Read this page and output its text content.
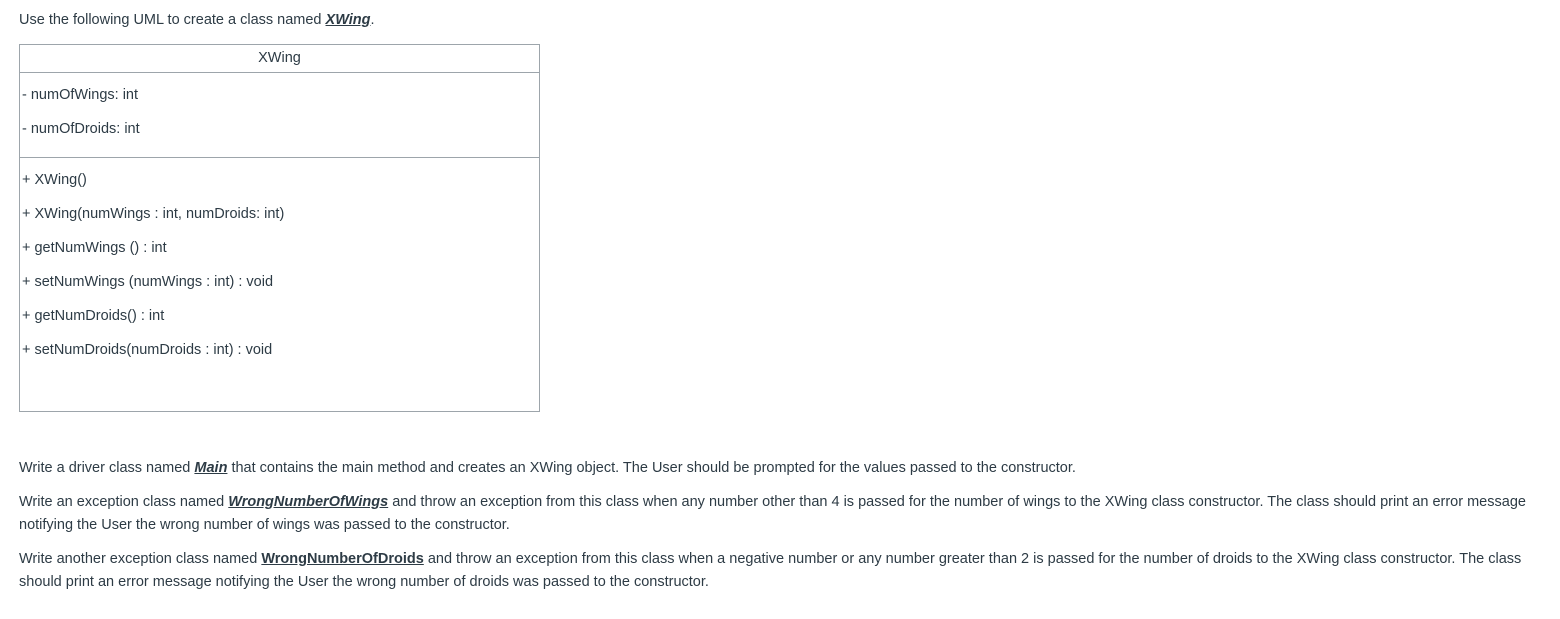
Use the following UML to create a class named XWing.

XWing
- numOfWings: int
- numOfDroids: int
+ XWing()
+ XWing(numWings : int, numDroids: int)
+ getNumWings () : int
+ setNumWings (numWings : int) : void
+ getNumDroids() : int
+ setNumDroids(numDroids : int) : void

Write a driver class named Main that contains the main method and creates an XWing object. The User should be prompted for the values passed to the constructor.

Write an exception class named WrongNumberOfWings and throw an exception from this class when any number other than 4 is passed for the number of wings to the XWing class constructor. The class should print an error message notifying the User the wrong number of wings was passed to the constructor.

Write another exception class named WrongNumberOfDroids and throw an exception from this class when a negative number or any number greater than 2 is passed for the number of droids to the XWing class constructor. The class should print an error message notifying the User the wrong number of droids was passed to the constructor.
